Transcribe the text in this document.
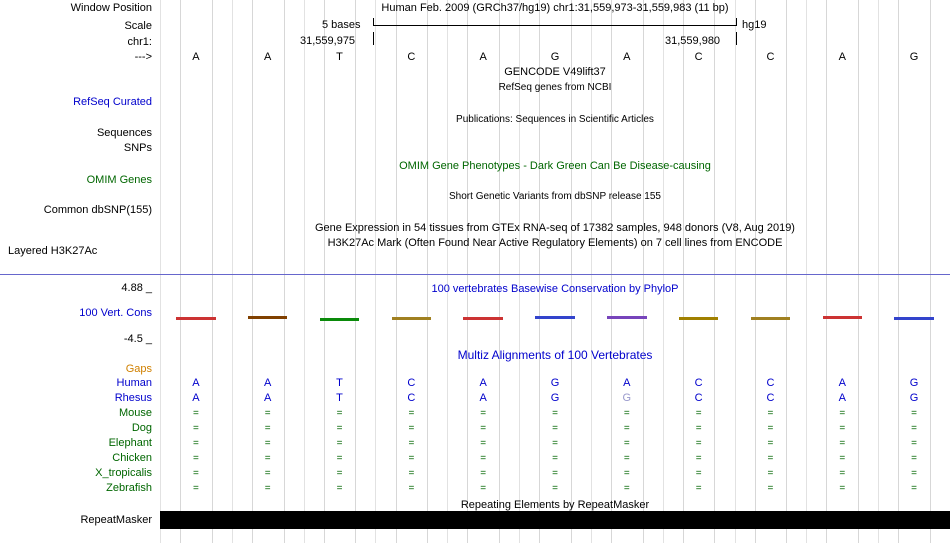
Window Position	Human Feb. 2009 (GRCh37/hg19) chr1:31,559,973-31,559,983 (11 bp)
Scale	5 bases	hg19
chr1:	31,559,975	31,559,980
--->	A	A	T	C	A	G	A	C	C	A	G
GENCODE V49lift37
RefSeq genes from NCBI
RefSeq Curated
Publications: Sequences in Scientific Articles
Sequences
SNPs
OMIM Gene Phenotypes - Dark Green Can Be Disease-causing
OMIM Genes
Short Genetic Variants from dbSNP release 155
Common dbSNP(155)
Gene Expression in 54 tissues from GTEx RNA-seq of 17382 samples, 948 donors (V8, Aug 2019)
H3K27Ac Mark (Often Found Near Active Regulatory Elements) on 7 cell lines from ENCODE
Layered H3K27Ac
100 vertebrates Basewise Conservation by PhyloP
4.88 _
100 Vert. Cons
-4.5 _
Multiz Alignments of 100 Vertebrates
Gaps
Human	A	A	T	C	A	G	A	C	C	A	G
Rhesus	A	A	T	C	A	G	G	C	C	A	G
Mouse	=	=	=	=	=	=	=	=	=	=	=
Dog	=	=	=	=	=	=	=	=	=	=	=
Elephant	=	=	=	=	=	=	=	=	=	=	=
Chicken	=	=	=	=	=	=	=	=	=	=	=
X_tropicalis	=	=	=	=	=	=	=	=	=	=	=
Zebrafish	=	=	=	=	=	=	=	=	=	=	=
Repeating Elements by RepeatMasker
RepeatMasker
